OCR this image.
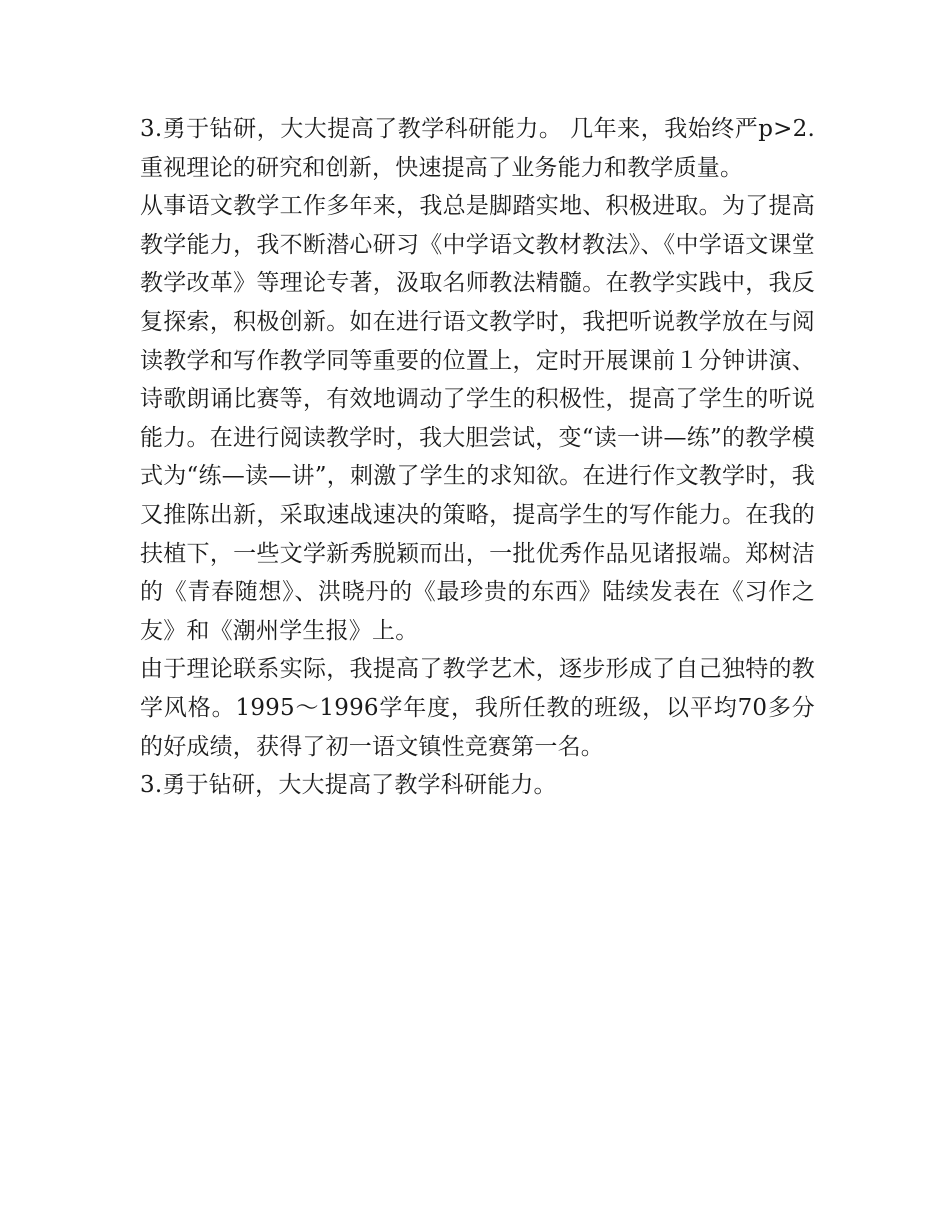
3.勇于钻研，大大提高了教学科研能力。 几年来，我始终严p>2.重视理论的研究和创新，快速提高了业务能力和教学质量。

从事语文教学工作多年来，我总是脚踏实地、积极进取。为了提高教学能力，我不断潜心研习《中学语文教材教法》、《中学语文课堂教学改革》等理论专著，汲取名师教法精髓。在教学实践中，我反复探索，积极创新。如在进行语文教学时，我把听说教学放在与阅读教学和写作教学同等重要的位置上，定时开展课前１分钟讲演、诗歌朗诵比赛等，有效地调动了学生的积极性，提高了学生的听说能力。在进行阅读教学时，我大胆尝试，变“读一讲—练”的教学模式为“练—读—讲”，刺激了学生的求知欲。在进行作文教学时，我又推陈出新，采取速战速决的策略，提高学生的写作能力。在我的扶植下，一些文学新秀脱颖而出，一批优秀作品见诸报端。郑树洁的《青春随想》、洪晓丹的《最珍贵的东西》陆续发表在《习作之友》和《潮州学生报》上。

由于理论联系实际，我提高了教学艺术，逐步形成了自己独特的教学风格。1995～1996学年度，我所任教的班级，以平均70多分的好成绩，获得了初一语文镇性竞赛第一名。

3.勇于钻研，大大提高了教学科研能力。
